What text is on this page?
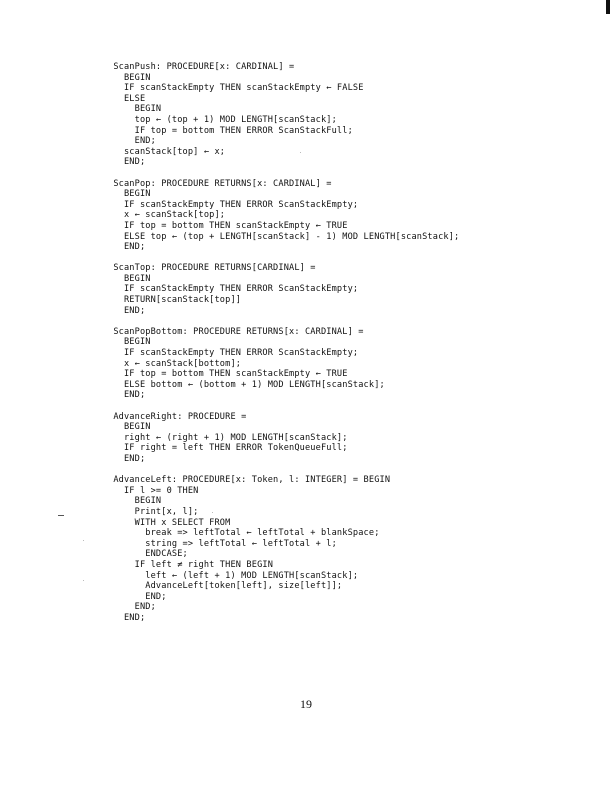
ScanPush: PROCEDURE[x: CARDINAL] =
BEGIN
IF scanStackEmpty THEN scanStackEmpty ← FALSE
ELSE
BEGIN
top ← (top + 1) MOD LENGTH[scanStack];
IF top = bottom THEN ERROR ScanStackFull;
END;
scanStack[top] ← x;
END;
ScanPop: PROCEDURE RETURNS[x: CARDINAL] =
BEGIN
IF scanStackEmpty THEN ERROR ScanStackEmpty;
x ← scanStack[top];
IF top = bottom THEN scanStackEmpty ← TRUE
ELSE top ← (top + LENGTH[scanStack] - 1) MOD LENGTH[scanStack];
END;
ScanTop: PROCEDURE RETURNS[CARDINAL] =
BEGIN
IF scanStackEmpty THEN ERROR ScanStackEmpty;
RETURN[scanStack[top]]
END;
ScanPopBottom: PROCEDURE RETURNS[x: CARDINAL] =
BEGIN
IF scanStackEmpty THEN ERROR ScanStackEmpty;
x ← scanStack[bottom];
IF top = bottom THEN scanStackEmpty ← TRUE
ELSE bottom ← (bottom + 1) MOD LENGTH[scanStack];
END;
AdvanceRight: PROCEDURE =
BEGIN
right ← (right + 1) MOD LENGTH[scanStack];
IF right = left THEN ERROR TokenQueueFull;
END;
AdvanceLeft: PROCEDURE[x: Token, l: INTEGER] = BEGIN
IF l >= 0 THEN
BEGIN
Print[x, l];
WITH x SELECT FROM
break => leftTotal ← leftTotal + blankSpace;
string => leftTotal ← leftTotal + l;
ENDCASE;
IF left ≠ right THEN BEGIN
left ← (left + 1) MOD LENGTH[scanStack];
AdvanceLeft[token[left], size[left]];
END;
END;
END;
19
